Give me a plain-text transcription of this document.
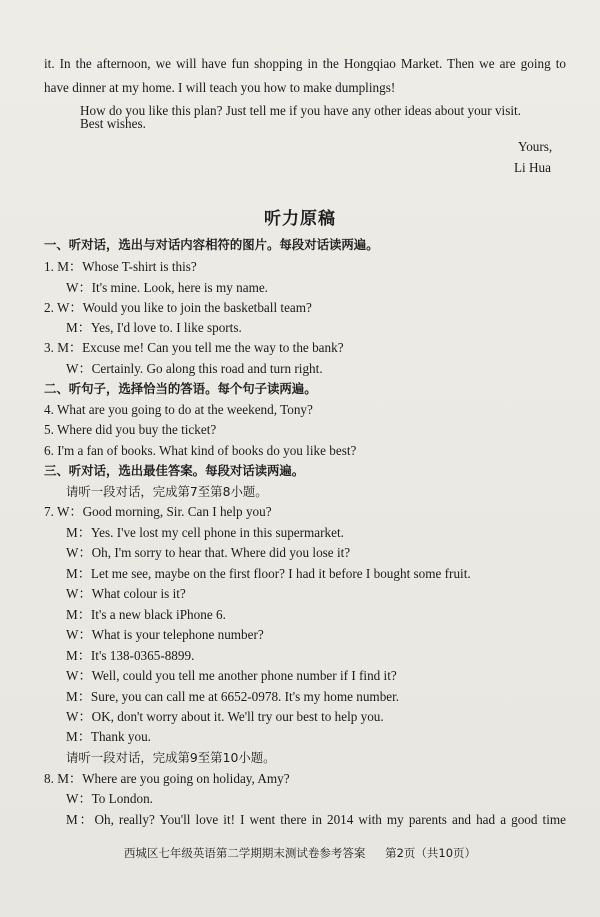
it. In the afternoon, we will have fun shopping in the Hongqiao Market. Then we are going to
have dinner at my home. I will teach you how to make dumplings!
How do you like this plan? Just tell me if you have any other ideas about your visit.
Best wishes.
Yours,
Li Hua
听力原稿
一、听对话，选出与对话内容相符的图片。每段对话读两遍。
1. M：Whose T-shirt is this?
W：It's mine. Look, here is my name.
2. W：Would you like to join the basketball team?
M：Yes, I'd love to. I like sports.
3. M：Excuse me! Can you tell me the way to the bank?
W：Certainly. Go along this road and turn right.
二、听句子，选择恰当的答语。每个句子读两遍。
4. What are you going to do at the weekend, Tony?
5. Where did you buy the ticket?
6. I'm a fan of books. What kind of books do you like best?
三、听对话，选出最佳答案。每段对话读两遍。
请听一段对话，完成第7至第8小题。
7. W：Good morning, Sir. Can I help you?
M：Yes. I've lost my cell phone in this supermarket.
W：Oh, I'm sorry to hear that. Where did you lose it?
M：Let me see, maybe on the first floor? I had it before I bought some fruit.
W：What colour is it?
M：It's a new black iPhone 6.
W：What is your telephone number?
M：It's 138-0365-8899.
W：Well, could you tell me another phone number if I find it?
M：Sure, you can call me at 6652-0978. It's my home number.
W：OK, don't worry about it. We'll try our best to help you.
M：Thank you.
请听一段对话，完成第9至第10小题。
8. M：Where are you going on holiday, Amy?
W：To London.
M：Oh, really? You'll love it! I went there in 2014 with my parents and had a good time
西城区七年级英语第二学期期末测试卷参考答案 第2页（共10页）
